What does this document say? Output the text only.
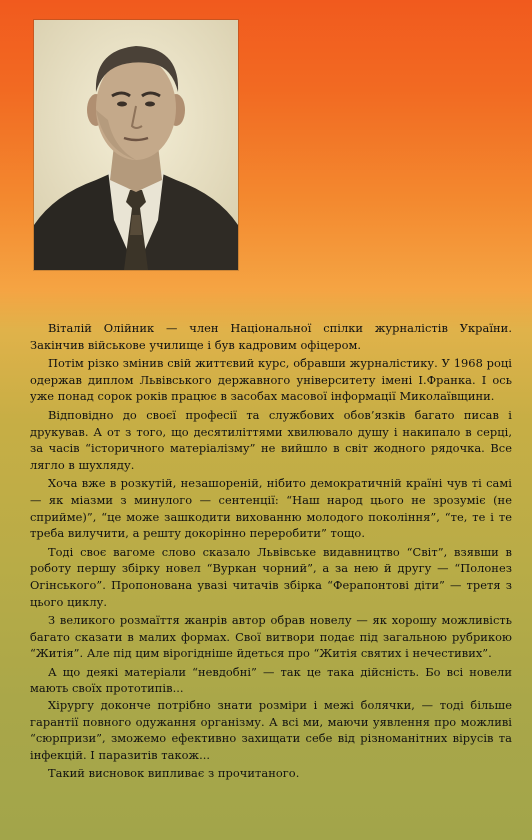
Віталій Олійник — член Національної спілки журналістів України. Закінчив військове училище і був кадровим офіцером.

Потім різко змінив свій життєвий курс, обравши журналістику. У 1968 році одержав диплом Львівського державного університету імені І.Франка. І ось уже понад сорок років працює в засобах масової інформації Миколаївщини.

Відповідно до своєї професії та службових обов’язків багато писав і друкував. А от з того, що десятиліттями хвилювало душу і накипало в серці, за часів “історичного матеріалізму” не вийшло в світ жодного рядочка. Все лягло в шухляду.

Хоча вже в розкутій, незашореній, нібито демократичній країні чув ті самі — як міазми з минулого — сентенції: “Наш народ цього не зрозуміє (не сприйме)”, “це може зашкодити вихованню молодого покоління”, “те, те і те треба вилучити, а решту докорінно переробити” тощо.

Тоді своє вагоме слово сказало Львівське видавництво “Світ”, взявши в роботу першу збірку новел “Вуркан чорний”, а за нею й другу — “Полонез Огінського”. Пропонована увазі читачів збірка “Ферапонтові діти” — третя з цього циклу.

З великого розмаїття жанрів автор обрав новелу — як хорошу можливість багато сказати в малих формах. Свої витвори подає під загальною рубрикою “Житія”. Але під цим вірогідніше йдеться про “Житія святих і нечестивих”.

А що деякі матеріали “невдобні” — так це така дійсність. Бо всі новели мають своїх прототипів...

Хірургу доконче потрібно знати розміри і межі болячки, — тоді більше гарантії повного одужання організму. А всі ми, маючи уявлення про можливі “сюрпризи”, зможемо ефективно захищати себе від різноманітних вірусів та інфекцій. І паразитів також...

Такий висновок випливає з прочитаного.
